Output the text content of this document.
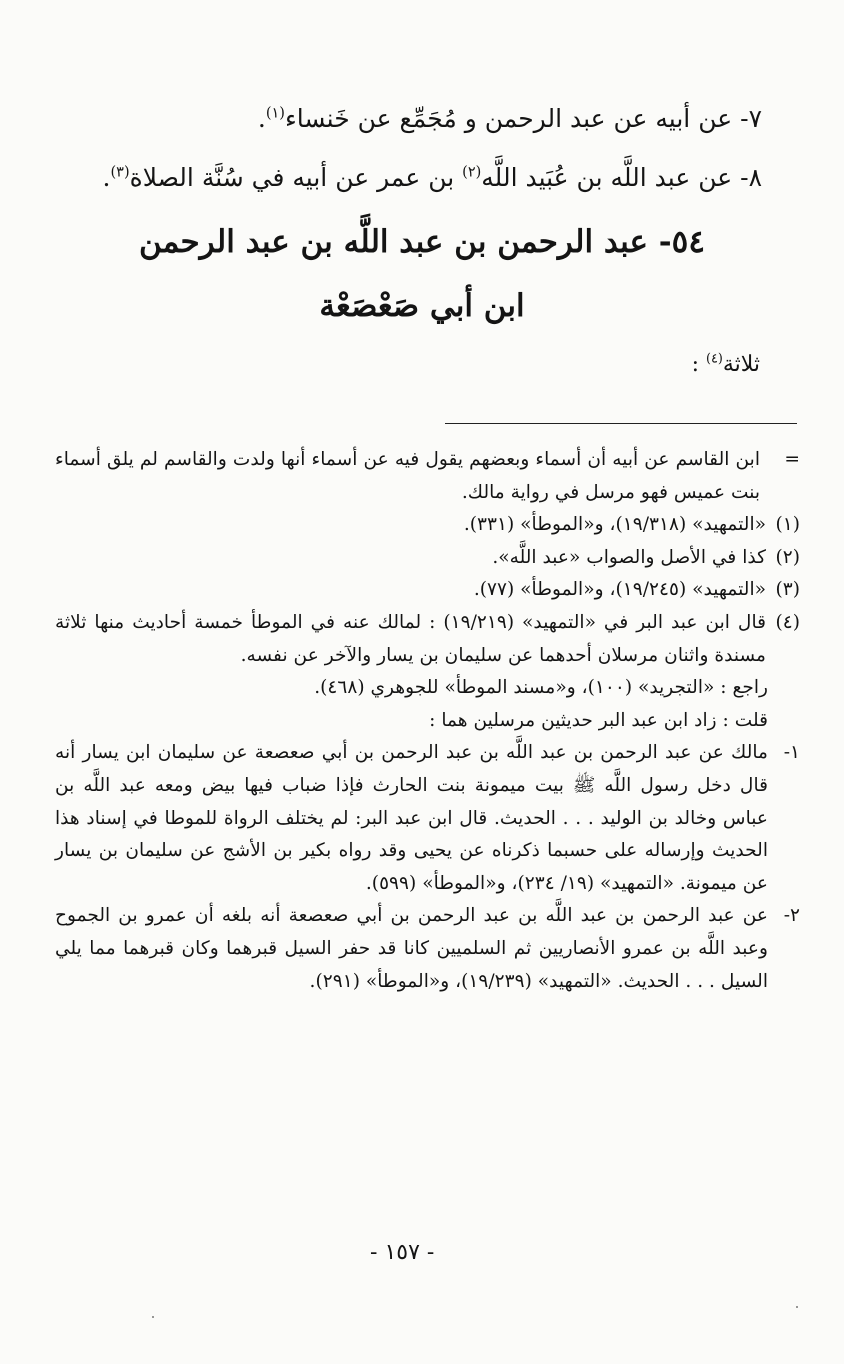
٧- عن أبيه عن عبد الرحمن و مُجَمِّع عن خَنساء$^{(١)}$.
٨- عن عبد اللَّه بن عُبَيد اللَّه$^{(٢)}$ بن عمر عن أبيه في سُنَّة الصلاة$^{(٣)}$.
٥٤- عبد الرحمن بن عبد اللَّه بن عبد الرحمن
ابن أبي صَعْصَعْة
ثلاثة$^{(٤)}$ :
=
ابن القاسم عن أبيه أن أسماء وبعضهم يقول فيه عن أسماء أنها ولدت والقاسم لم يلق أسماء بنت عميس فهو مرسل في رواية مالك.
(١)
«التمهيد» (١٩/٣١٨)، و«الموطأ» (٣٣١).
(٢)
كذا في الأصل والصواب «عبد اللَّه».
(٣)
«التمهيد» (١٩/٢٤٥)، و«الموطأ» (٧٧).
(٤)
قال ابن عبد البر في «التمهيد» (١٩/٢١٩) : لمالك عنه في الموطأ خمسة أحاديث منها ثلاثة مسندة واثنان مرسلان أحدهما عن سليمان بن يسار والآخر عن نفسه.
راجع : «التجريد» (١٠٠)، و«مسند الموطأ» للجوهري (٤٦٨).
قلت : زاد ابن عبد البر حديثين مرسلين هما :
١-
مالك عن عبد الرحمن بن عبد اللَّه بن عبد الرحمن بن أبي صعصعة عن سليمان ابن يسار أنه قال دخل رسول اللَّه ﷺ بيت ميمونة بنت الحارث فإذا ضباب فيها بيض ومعه عبد اللَّه بن عباس وخالد بن الوليد . . . الحديث. قال ابن عبد البر: لم يختلف الرواة للموطا في إسناد هذا الحديث وإرساله على حسبما ذكرناه عن يحيى وقد رواه بكير بن الأشج عن سليمان بن يسار عن ميمونة. «التمهيد» (١٩/ ٢٣٤)، و«الموطأ» (٥٩٩).
٢-
عن عبد الرحمن بن عبد اللَّه بن عبد الرحمن بن أبي صعصعة أنه بلغه أن عمرو بن الجموح وعبد اللَّه بن عمرو الأنصاريين ثم السلميين كانا قد حفر السيل قبرهما وكان قبرهما مما يلي السيل . . . الحديث. «التمهيد» (١٩/٢٣٩)، و«الموطأ» (٢٩١).
- ١٥٧ -
